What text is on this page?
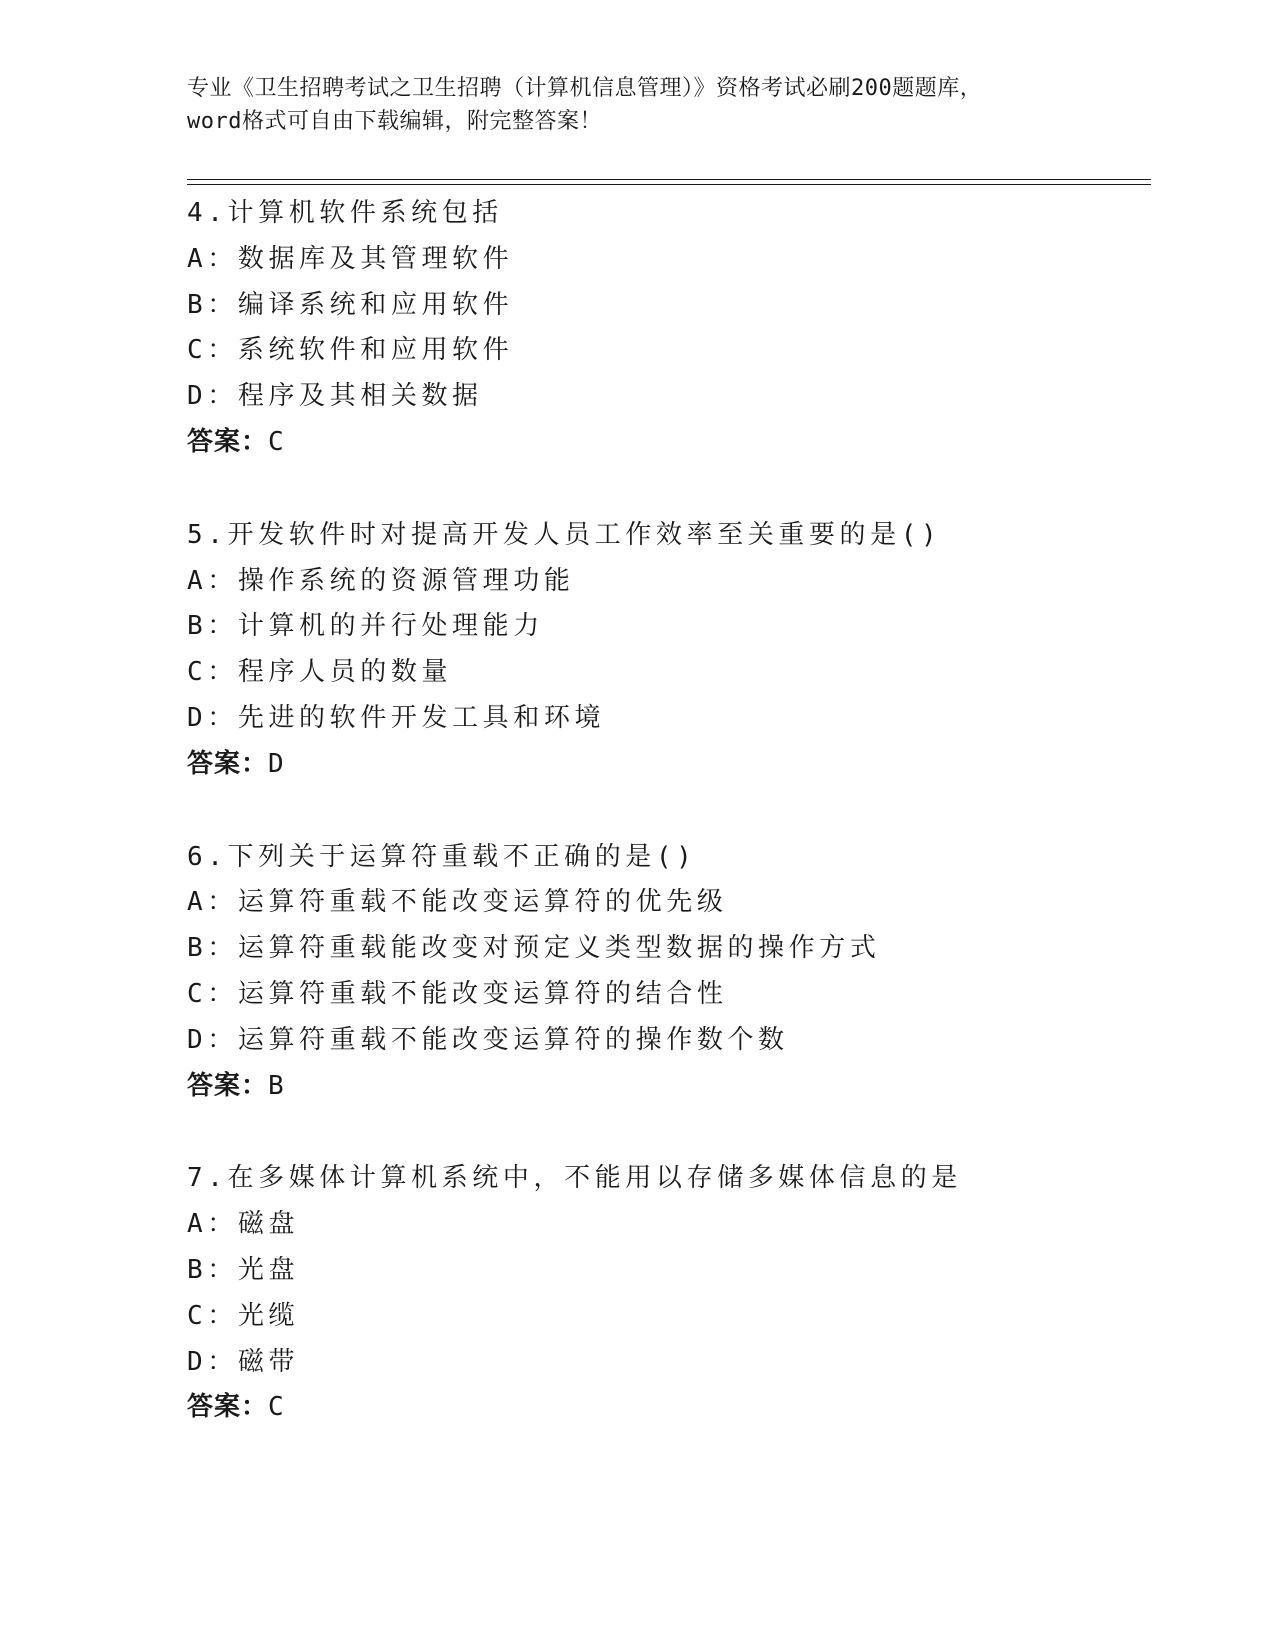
专业《卫生招聘考试之卫生招聘（计算机信息管理）》资格考试必刷200题题库，
word格式可自由下载编辑，附完整答案！
4.计算机软件系统包括
A：数据库及其管理软件
B：编译系统和应用软件
C：系统软件和应用软件
D：程序及其相关数据
答案：C
5.开发软件时对提高开发人员工作效率至关重要的是()
A：操作系统的资源管理功能
B：计算机的并行处理能力
C：程序人员的数量
D：先进的软件开发工具和环境
答案：D
6.下列关于运算符重载不正确的是()
A：运算符重载不能改变运算符的优先级
B：运算符重载能改变对预定义类型数据的操作方式
C：运算符重载不能改变运算符的结合性
D：运算符重载不能改变运算符的操作数个数
答案：B
7.在多媒体计算机系统中，不能用以存储多媒体信息的是
A：磁盘
B：光盘
C：光缆
D：磁带
答案：C
